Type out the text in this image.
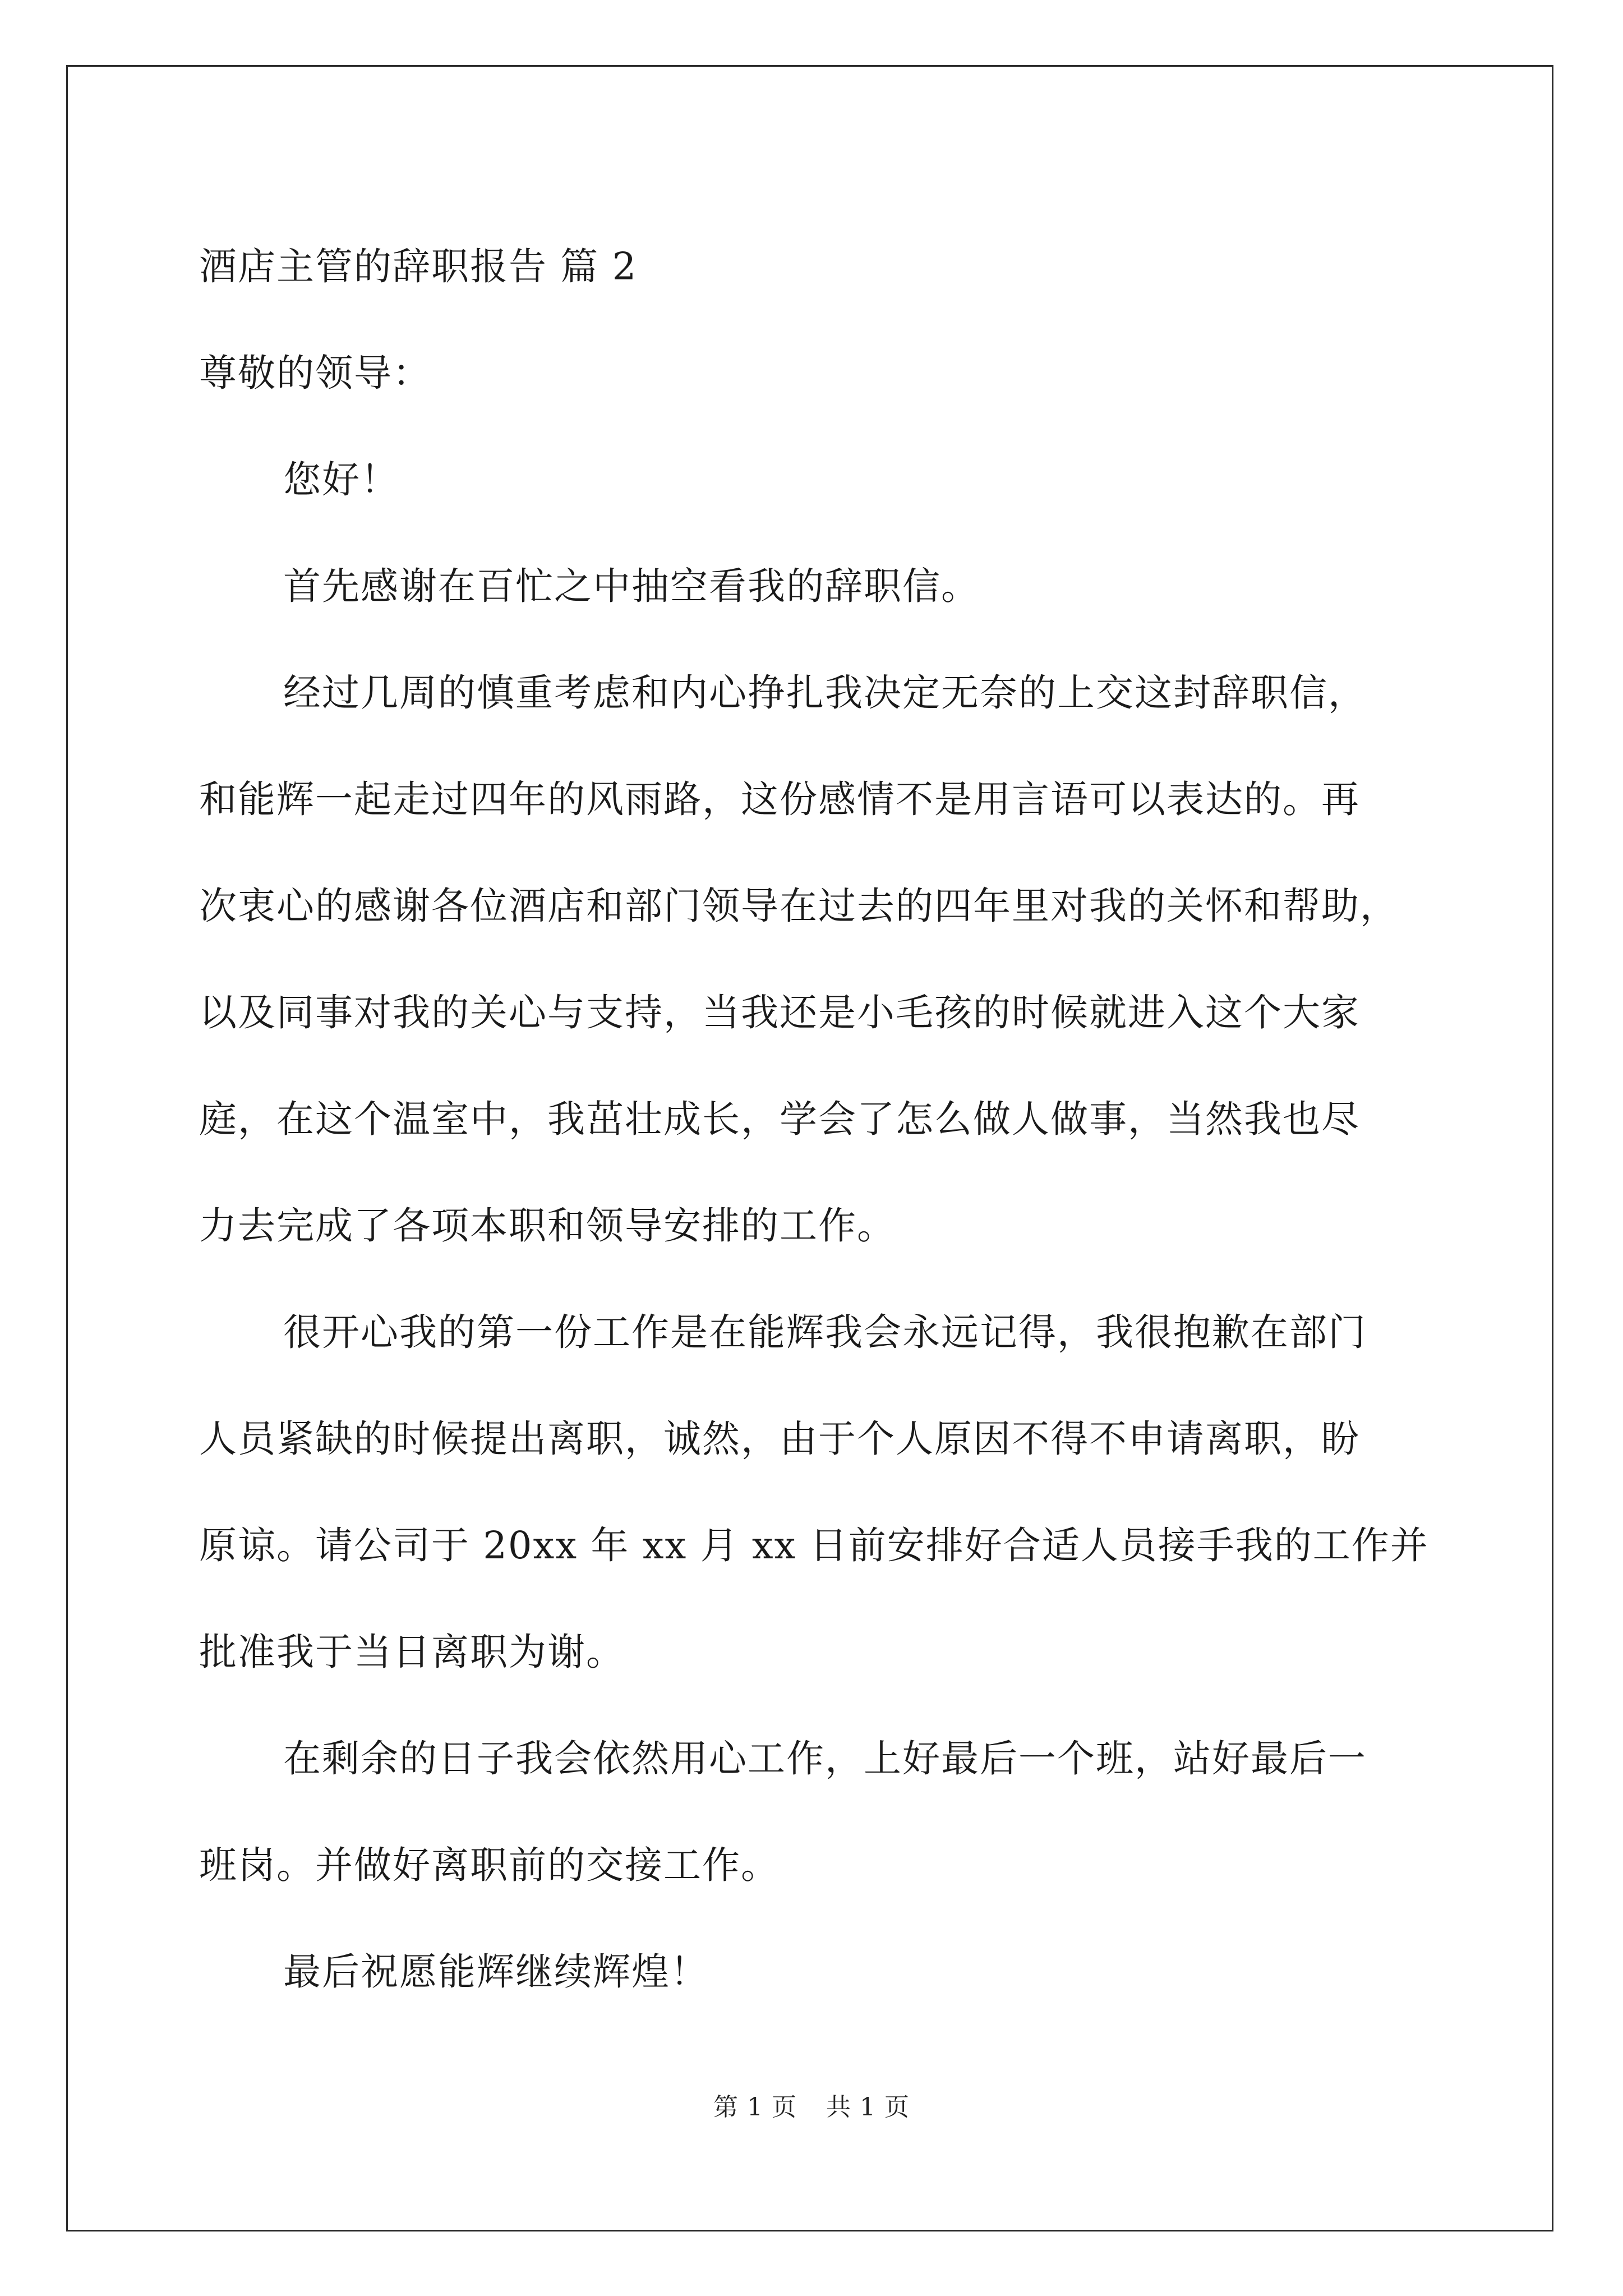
酒店主管的辞职报告 篇 2
尊敬的领导：
您好！
首先感谢在百忙之中抽空看我的辞职信。
经过几周的慎重考虑和内心挣扎我决定无奈的上交这封辞职信，
和能辉一起走过四年的风雨路，这份感情不是用言语可以表达的。再
次衷心的感谢各位酒店和部门领导在过去的四年里对我的关怀和帮助，
以及同事对我的关心与支持，当我还是小毛孩的时候就进入这个大家
庭，在这个温室中，我茁壮成长，学会了怎么做人做事，当然我也尽
力去完成了各项本职和领导安排的工作。
很开心我的第一份工作是在能辉我会永远记得，我很抱歉在部门
人员紧缺的时候提出离职，诚然，由于个人原因不得不申请离职，盼
原谅。请公司于 20xx 年 xx 月 xx 日前安排好合适人员接手我的工作并
批准我于当日离职为谢。
在剩余的日子我会依然用心工作，上好最后一个班，站好最后一
班岗。并做好离职前的交接工作。
最后祝愿能辉继续辉煌！
第 1 页 共 1 页
